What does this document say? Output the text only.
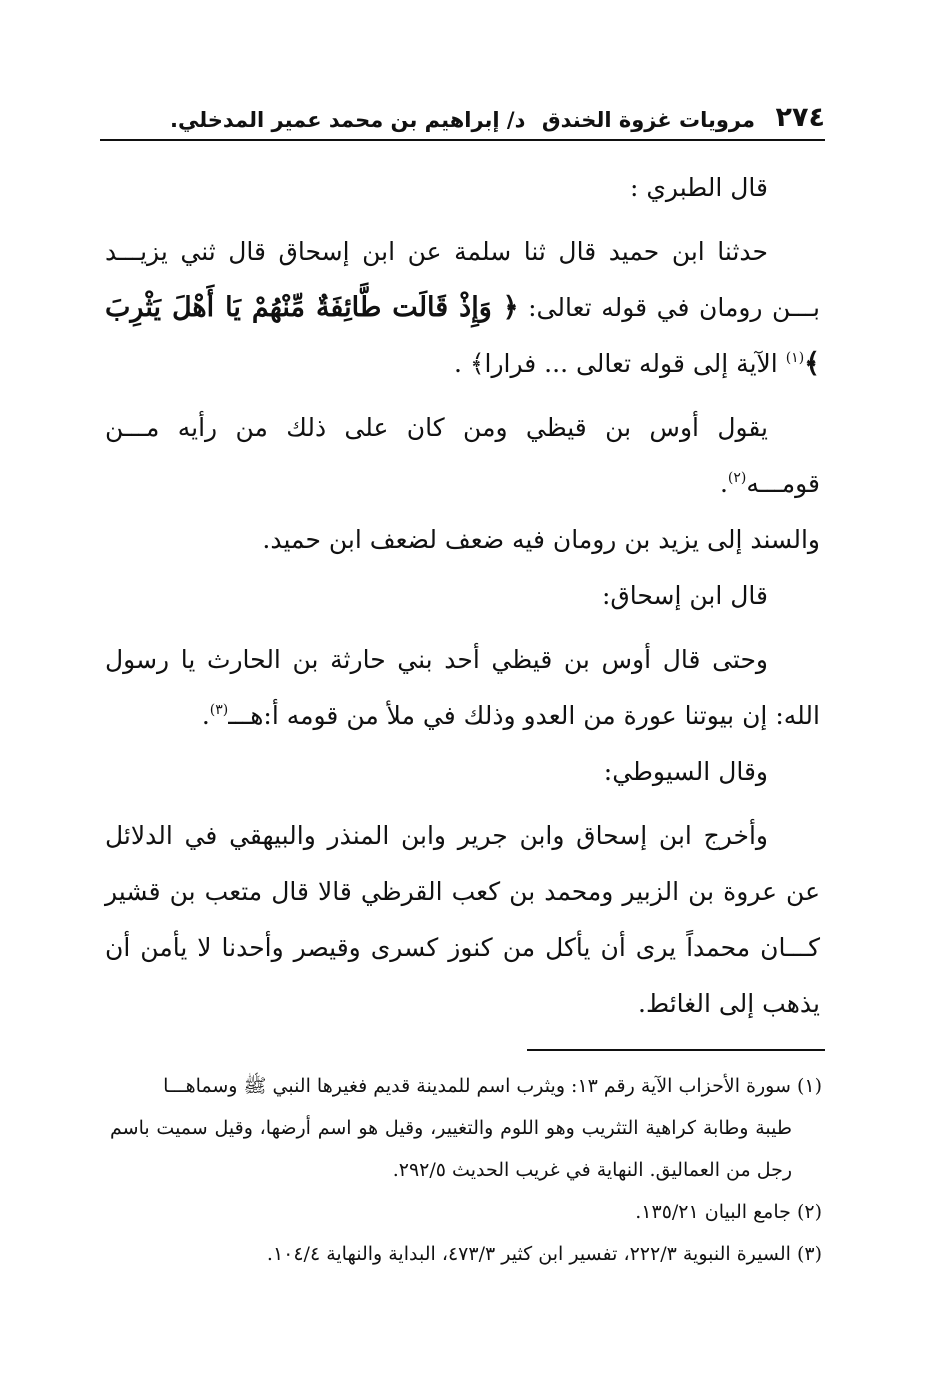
٢٧٤
مرويات غزوة الخندق
د/ إبراهيم بن محمد عمير المدخلي.

قال الطبري :

حدثنا ابن حميد قال ثنا سلمة عن ابن إسحاق قال ثني يزيـــد بـــن رومان في قوله تعالى: ﴿ وَإِذْ قَالَت طَّائِفَةٌ مِّنْهُمْ يَا أَهْلَ يَثْرِبَ ﴾$^{(١)}$ الآية إلى قوله تعالى ... فرارا﴾ .

يقول أوس بن قيظي ومن كان على ذلك من رأيه مـــن قومـــه$^{(٢)}$.

والسند إلى يزيد بن رومان فيه ضعف لضعف ابن حميد.

قال ابن إسحاق:

وحتى قال أوس بن قيظي أحد بني حارثة بن الحارث يا رسول الله: إن بيوتنا عورة من العدو وذلك في ملأ من قومه أ:هـــ$^{(٣)}$.

وقال السيوطي:

وأخرج ابن إسحاق وابن جرير وابن المنذر والبيهقي في الدلائل عن عروة بن الزبير ومحمد بن كعب القرظي قالا قال متعب بن قشير كـــان محمداً يرى أن يأكل من كنوز كسرى وقيصر وأحدنا لا يأمن أن يذهب إلى الغائط.

(١) سورة الأحزاب الآية رقم ١٣: ويثرب اسم للمدينة قديم فغيرها النبي ﷺ وسماهـــا
طيبة وطابة كراهية التثريب وهو اللوم والتغيير، وقيل هو اسم أرضها، وقيل سميت باسم رجل من العماليق. النهاية في غريب الحديث ٢٩٢/٥.

(٢) جامع البيان ١٣٥/٢١.

(٣) السيرة النبوية ٢٢٢/٣، تفسير ابن كثير ٤٧٣/٣، البداية والنهاية ١٠٤/٤.
